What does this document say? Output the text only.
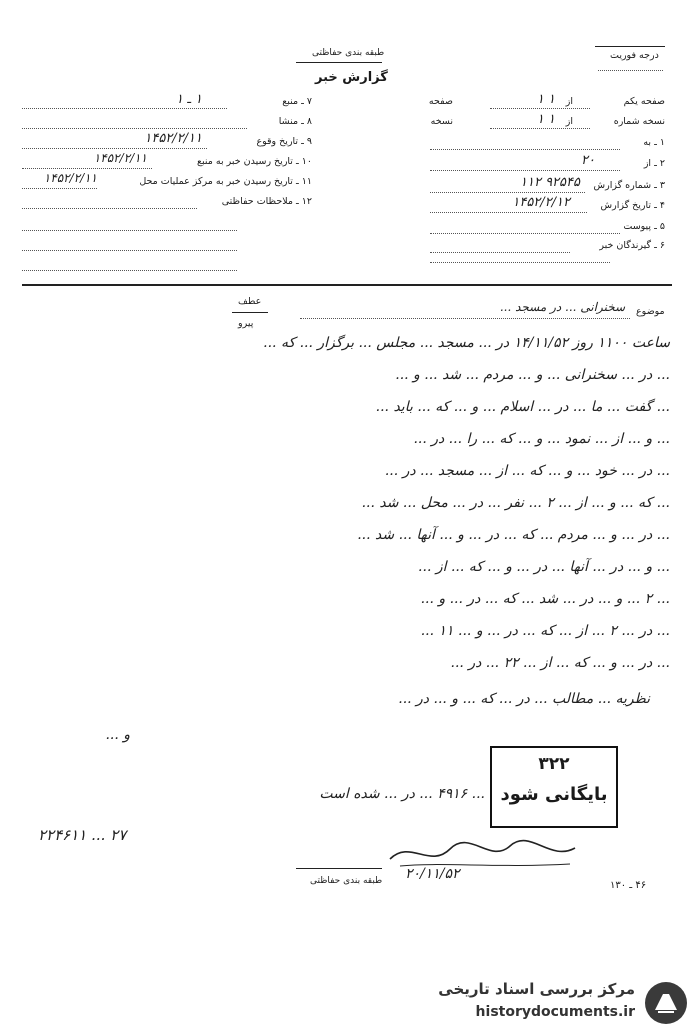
طبقه بندی حفاظتی
گزارش خبر
درجه فوریت
صفحه یکم
از
صفحه	۱ ۱
نسخه شماره
از
نسخه	۱ ۱
۱ ـ به
۲ ـ از
۲۰
۳ ـ شماره گزارش
۹۲۵۴۵ ۱۱۲
۴ ـ تاریخ گزارش
۱۴۵۲/۲/۱۲
۵ ـ پیوست
۶ ـ گیرندگان خبر
۷ ـ منبع
۱ ـ ۱
۸ ـ منشا
۹ ـ تاریخ وقوع
۱۴۵۲/۲/۱۱
۱۰ ـ تاریخ رسیدن خبر به منبع
۱۴۵۲/۲/۱۱
۱۱ ـ تاریخ رسیدن خبر به مرکز عملیات محل
۱۴۵۲/۲/۱۱
۱۲ ـ ملاحظات حفاظتی
عطف
پیرو
موضوع
سخنرانی ... در مسجد ...
ساعت ۱۱۰۰ روز ۱۴/۱۱/۵۲ در ... مسجد ... مجلس ... برگزار ... که ...
... در ... سخنرانی ... و ... مردم ... شد ... و ...
... گفت ... ما ... در ... اسلام ... و ... که ... باید ...
... و ... از ... نمود ... و ... که ... را ... در ...
... در ... خود ... و ... که ... از ... مسجد ... در ...
... که ... و ... از ... ۲ ... نفر ... در ... محل ... شد ...
... در ... و ... مردم ... که ... در ... و ... آنها ... شد ...
... و ... در ... آنها ... در ... و ... که ... از ...
... ۲ ... و ... در ... شد ... که ... در ... و ...
... در ... ۲ ... از ... که ... در ... و ... ۱۱ ...
... در ... و ... که ... از ... ۲۲ ... در ...
نظریه ... مطالب ... در ... که ... و ... در ...
و ...
۳۲۲
بایگانی شود
... ۴۹۱۶ ... در ... شده است
۲۲۴۶۱۱ ... ۲۷
۲۰/۱۱/۵۲
طبقه بندی حفاظتی	۴۶ ـ ۱۳۰
مرکز بررسی اسناد تاریخی
historydocuments.ir
